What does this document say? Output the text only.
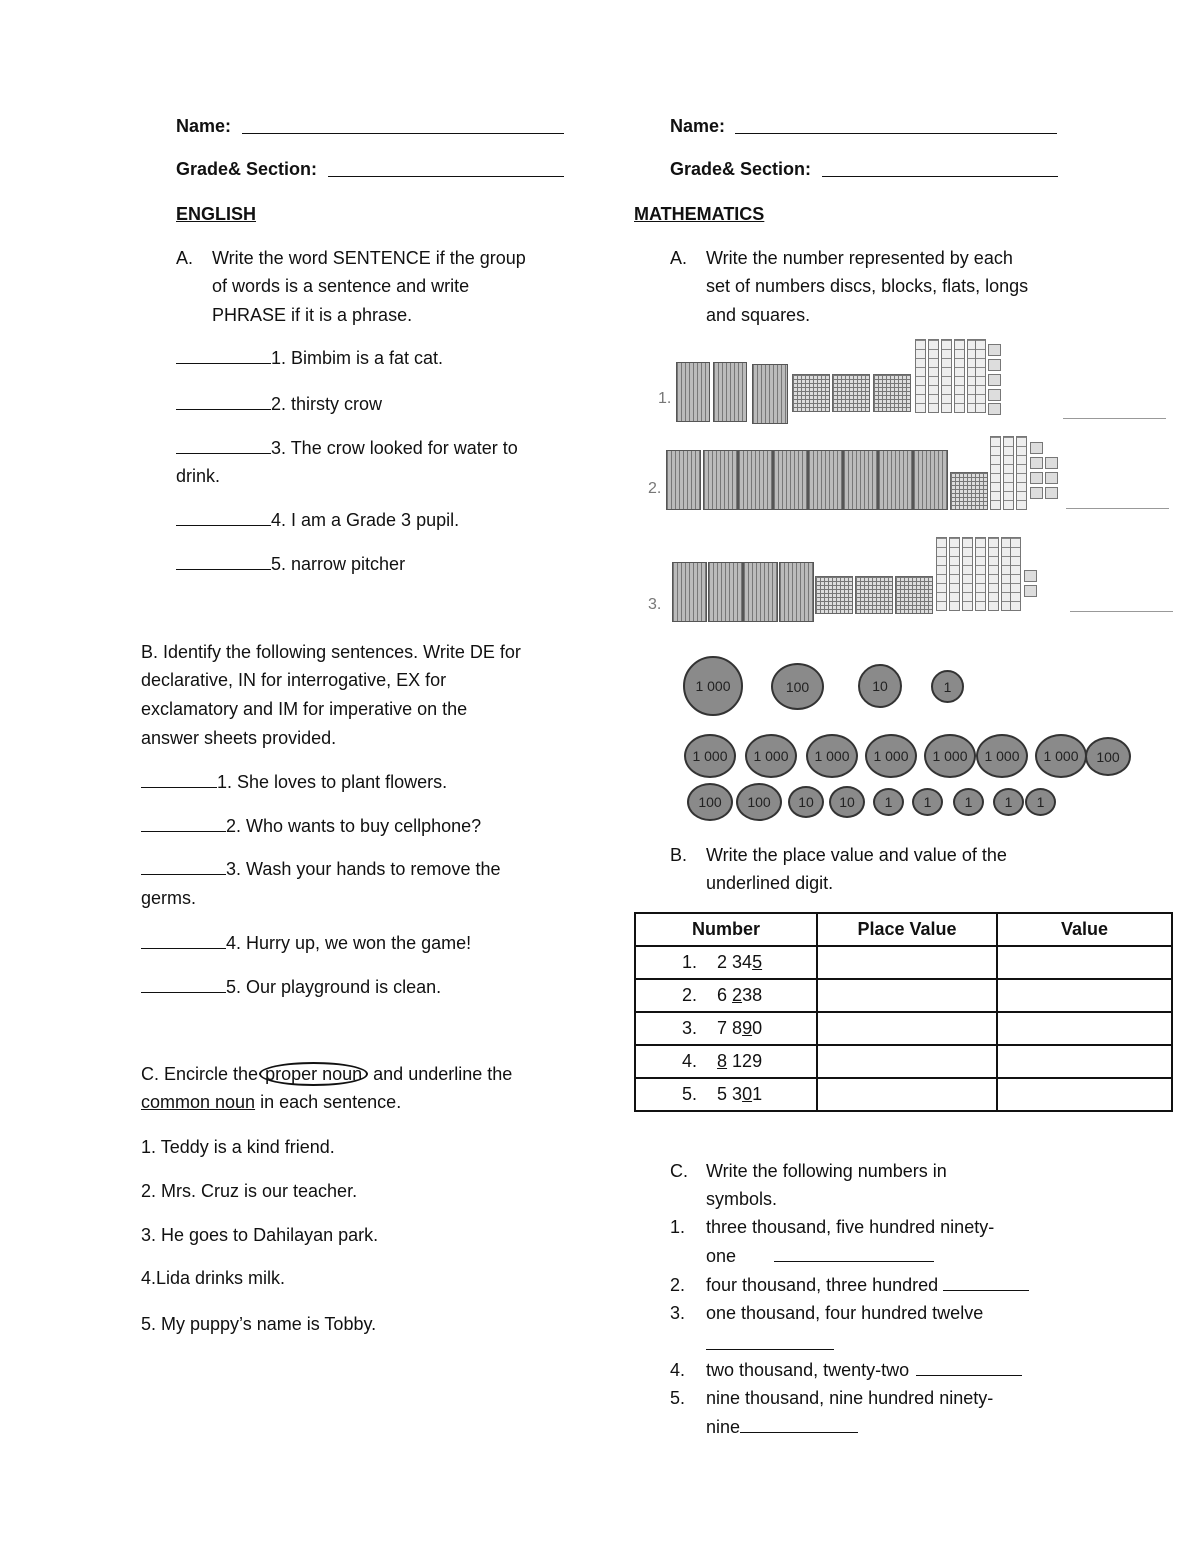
Name:
Grade& Section:
ENGLISH
A. Write the word SENTENCE if the group
of words is a sentence and write
PHRASE if it is a phrase.
1. Bimbim is a fat cat.
2. thirsty crow
3. The crow looked for water to
drink.
4. I am a Grade 3 pupil.
5. narrow pitcher
B. Identify the following sentences. Write DE for
declarative, IN for interrogative, EX for
exclamatory and IM for imperative on the
answer sheets provided.
1. She loves to plant flowers.
2. Who wants to buy cellphone?
3. Wash your hands to remove the
germs.
4. Hurry up, we won the game!
5. Our playground is clean.
C. Encircle the proper noun and underline the
common noun in each sentence.
1. Teddy is a kind friend.
2. Mrs. Cruz is our teacher.
3. He goes to Dahilayan park.
4.Lida drinks milk.
5. My puppy’s name is Tobby.
Name:
Grade& Section:
MATHEMATICS
A. Write the number represented by each
set of numbers discs, blocks, flats, longs
and squares.
1.
2.
3.
1 000	100	10	1
1 000	1 000	1 000	1 000	1 000	1 000	1 000	100
100	100	10	10	1	1	1	1	1
B. Write the place value and value of the
underlined digit.
Number	Place Value	Value
1. 2 345		
2. 6 238		
3. 7 890		
4. 8 129		
5. 5 301		
C. Write the following numbers in
symbols.
1. three thousand, five hundred ninety-
one
2. four thousand, three hundred
3. one thousand, four hundred twelve
4. two thousand, twenty-two
5. nine thousand, nine hundred ninety-
nine
